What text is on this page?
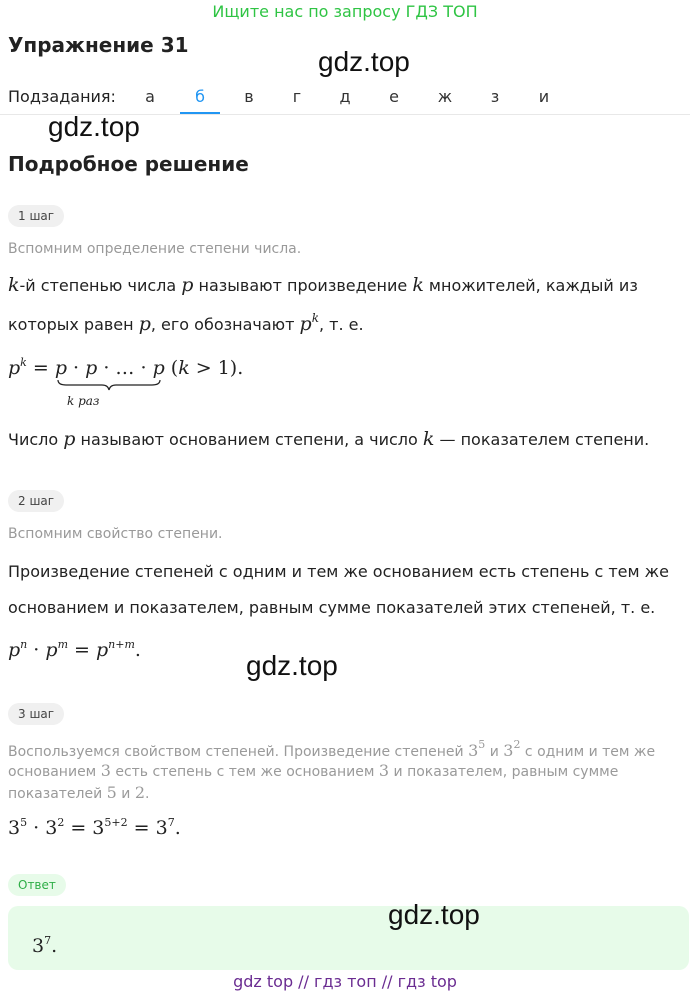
Ищите нас по запросу ГДЗ ТОП
Упражнение 31
gdz.top
Подзадания:	а	б	в	г	д	е	ж	з	и
gdz.top
Подробное решение
1 шаг
Вспомним определение степени числа.
k-й степенью числа p называют произведение k множителей, каждый из
которых равен p, его обозначают $p^k$, т. е.
$p^k = p \cdot p$ · … · p (k > 1).
k раз
Число p называют основанием степени, а число k — показателем степени.
2 шаг
Вспомним свойство степени.
Произведение степеней с одним и тем же основанием есть степень с тем же
основанием и показателем, равным сумме показателей этих степеней, т. е.
$p^n \cdot p^m = p^{n+m}$.	gdz.top
3 шаг
Воспользуемся свойством степеней. Произведение степеней $3^5$ и $3^2$ с одним и тем же
основанием 3 есть степень с тем же основанием 3 и показателем, равным сумме
показателей 5 и 2.
$3^5 \cdot 3^2 = 3^{5+2} = 3^7$.
Ответ
$3^7$.
gdz.top
gdz top // гдз топ // гдз top
